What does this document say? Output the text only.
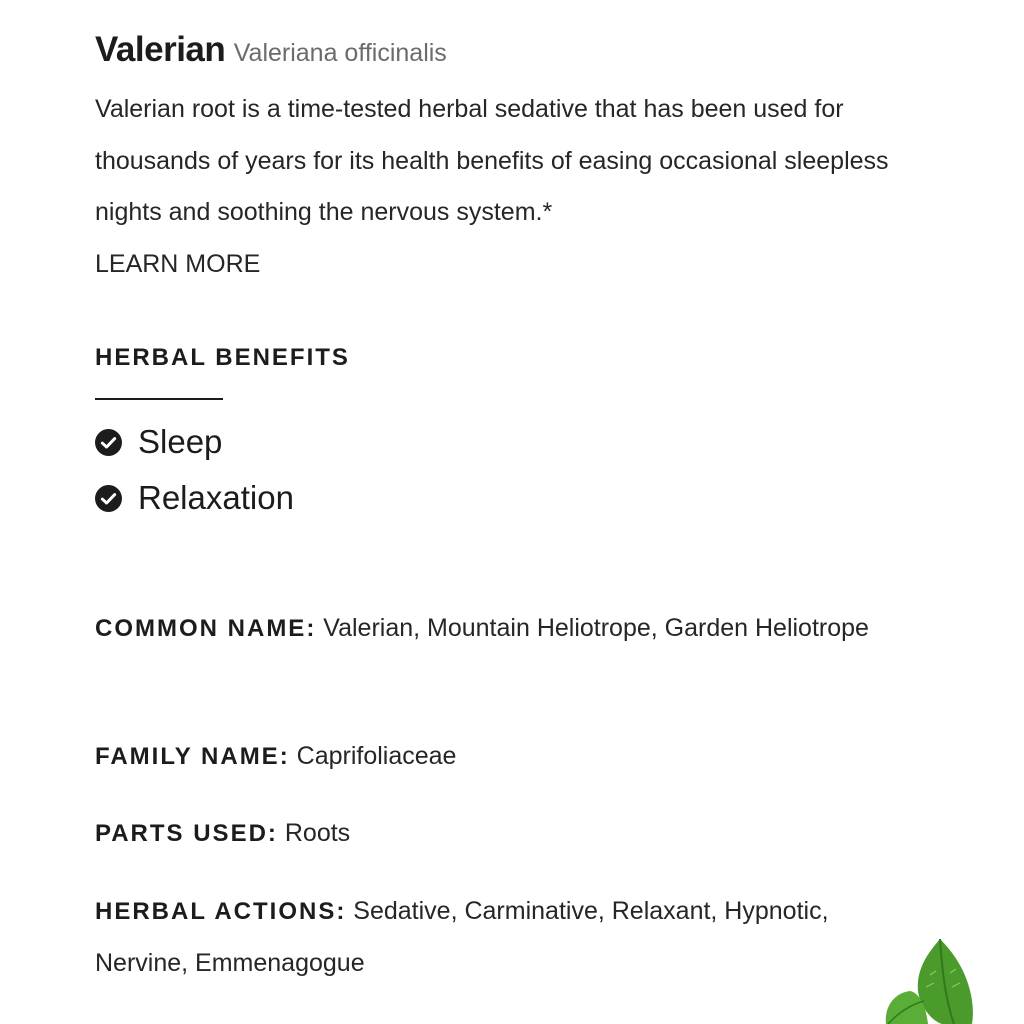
Valerian Valeriana officinalis
Valerian root is a time-tested herbal sedative that has been used for thousands of years for its health benefits of easing occasional sleepless nights and soothing the nervous system.*
LEARN MORE
HERBAL BENEFITS
Sleep
Relaxation
COMMON NAME: Valerian, Mountain Heliotrope, Garden Heliotrope
FAMILY NAME: Caprifoliaceae
PARTS USED: Roots
HERBAL ACTIONS: Sedative, Carminative, Relaxant, Hypnotic, Nervine, Emmenagogue
